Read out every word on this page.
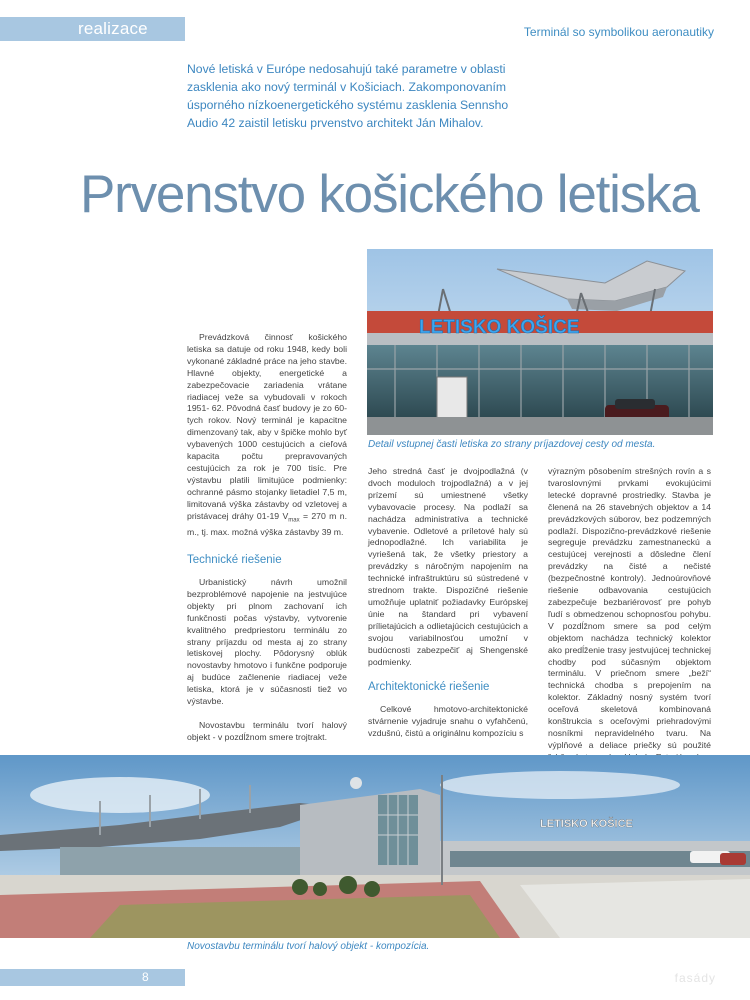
realizace	Terminál so symbolikou aeronautiky
Nové letiská v Európe nedosahujú také parametre v oblasti zasklenia ako nový terminál v Košiciach. Zakomponovaním úsporného nízkoenergetického systému zasklenia Sennsho Audio 42 zaistil letisku prvenstvo architekt Ján Mihalov.
Prvenstvo košického letiska
LETISKO KOŠICE
Detail vstupnej časti letiska zo strany príjazdovej cesty od mesta.

Prevádzková činnosť košického letiska sa datuje od roku 1948, kedy boli vykonané základné práce na jeho stavbe. Hlavné objekty, energetické a zabezpečovacie zariadenia vrátane riadiacej veže sa vybudovali v rokoch 1951- 62. Pôvodná časť budovy je zo 60-tych rokov. Nový terminál je kapacitne dimenzovaný tak, aby v špičke mohlo byť vybavených 1000 cestujúcich a cieľová kapacita počtu prepravovaných cestujúcich za rok je 700 tisíc. Pre výstavbu platili limitujúce podmienky: ochranné pásmo stojanky lietadiel 7,5 m, limitovaná výška zástavby od vzletovej a pristávacej dráhy 01-19 $V_{max} = 270$ m n. m., tj. max. možná výška zástavby 39 m.

Technické riešenie

Urbanistický návrh umožnil bezproblémové napojenie na jestvujúce objekty pri plnom zachovaní ich funkčnosti počas výstavby, vytvorenie kvalitného predpriestoru terminálu zo strany príjazdu od mesta aj zo strany letiskovej plochy. Pôdorysný oblúk novostavby hmotovo i funkčne podporuje aj budúce začlenenie riadiacej veže letiska, ktorá je v súčasnosti tiež vo výstavbe.

Novostavbu terminálu tvorí halový objekt - v pozdĺžnom smere trojtrakt.

Jeho stredná časť je dvojpodlažná (v dvoch moduloch trojpodlažná) a v jej prízemí sú umiestnené všetky vybavovacie procesy. Na podlaží sa nachádza administratíva a technické vybavenie. Odletové a príletové haly sú jednopodlažné. Ich variabilita je vyriešená tak, že všetky priestory a prevádzky s náročným napojením na technické infraštruktúru sú sústredené v strednom trakte. Dispozičné riešenie umožňuje uplatniť požiadavky Európskej únie na štandard pri vybavení prílietajúcich a odlietajúcich cestujúcich a svojou variabilnosťou umožní v budúcnosti zabezpečiť aj Shengenské podmienky.
Architektonické riešenie
Celkové hmotovo-architektonické stvárnenie vyjadruje snahu o vyfahčenú, vzdušnú, čistú a originálnu kompozíciu s

výrazným pôsobením strešných rovín a s tvaroslovnými prvkami evokujúcimi letecké dopravné prostriedky. Stavba je členená na 26 stavebných objektov a 14 prevádzkových súborov, bez podzemných podlaží. Dispozično-prevádzkové riešenie segreguje prevádzku zamestnaneckú a cestujúcej verejnosti a dôsledne člení prevádzky na čisté a nečisté (bezpečnostné kontroly). Jednoúrovňové riešenie odbavovania cestujúcich zabezpečuje bezbariérovosť pre pohyb ľudí s obmedzenou schopnosťou pohybu. V pozdĺžnom smere sa pod celým objektom nachádza technický kolektor ako predĺženie trasy jestvujúcej technickej chodby pod súčasným objektom terminálu. V priečnom smere „beží“ technická chodba s prepojením na kolektor. Základný nosný systém tvorí oceľová skeletová kombinovaná konštrukcia s oceľovými priehradovými nosníkmi nepravidelného tvaru. Na výplňové a deliace priečky sú použité

LETISKO KOŠICE
Novostavbu terminálu tvorí halový objekt - kompozícia.
8	fasády
